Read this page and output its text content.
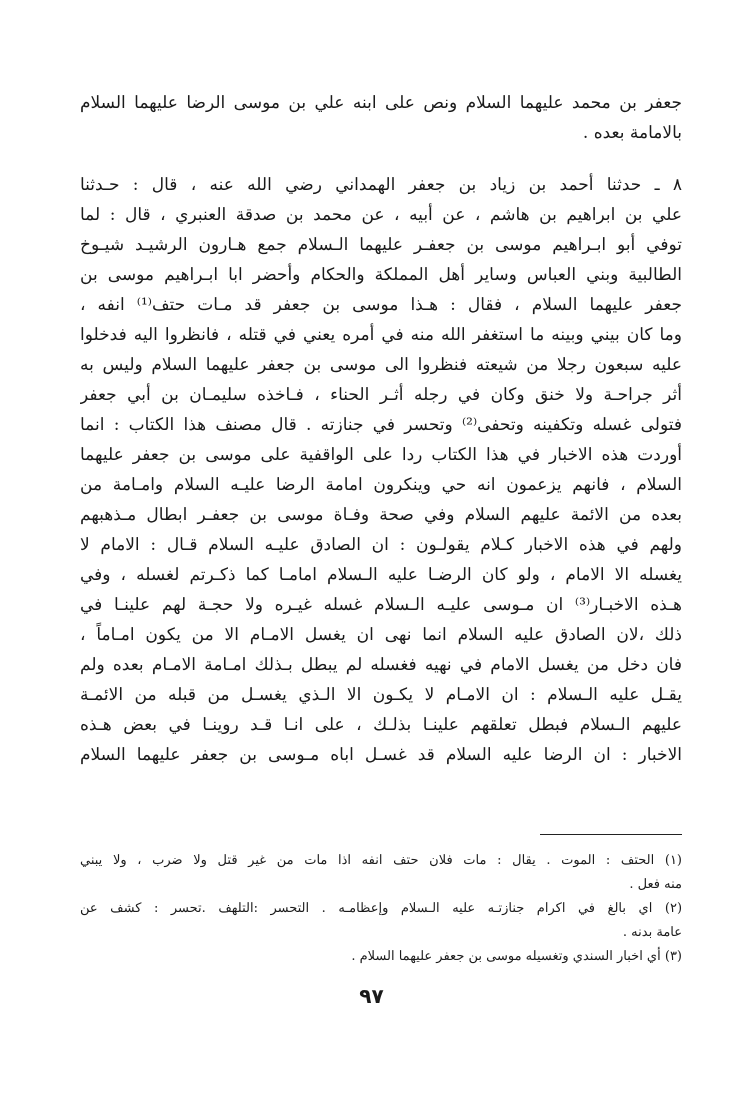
جعفر بن محمد عليهما السلام ونص على ابنه علي بن موسى الرضا عليهما السلام
بالامامة بعده .
٨ ـ حدثنا أحمد بن زياد بن جعفر الهمداني رضي الله عنه ، قال : حـدثنا
علي بن ابراهيم بن هاشم ، عن أبيه ، عن محمد بن صدقة العنبري ، قال : لما
توفي أبو ابـراهيم موسى بن جعفـر عليهما الـسلام جمع هـارون الرشيـد شيـوخ
الطالبية وبني العباس وساير أهل المملكة والحكام وأحضر ابا ابـراهيم موسى بن
جعفر عليهما السلام ، فقال : هـذا موسى بن جعفر قد مـات حتف⁽¹⁾ انفه ،
وما كان بيني وبينه ما استغفر الله منه في أمره يعني في قتله ، فانظروا اليه فدخلوا
عليه سبعون رجلا من شيعته فنظروا الى موسى بن جعفر عليهما السلام وليس به
أثر جراحـة ولا خنق وكان في رجله أثـر الحناء ، فـاخذه سليمـان بن أبي جعفر
فتولى غسله وتكفينه وتحفى⁽²⁾ وتحسر في جنازته . قال مصنف هذا الكتاب : انما
أوردت هذه الاخبار في هذا الكتاب ردا على الواقفية على موسى بن جعفر عليهما
السلام ، فانهم يزعمون انه حي وينكرون امامة الرضا عليـه السلام وامـامة من
بعده من الائمة عليهم السلام وفي صحة وفـاة موسى بن جعفـر ابطال مـذهبهم
ولهم في هذه الاخبار كـلام يقولـون : ان الصادق عليـه السلام قـال : الامام لا
يغسله الا الامام ، ولو كان الرضـا عليه الـسلام امامـا كما ذكـرتم لغسله ، وفي
هـذه الاخبـار⁽³⁾ ان مـوسى عليـه الـسلام غسله غيـره ولا حجـة لهم علينـا في
ذلك ،لان الصادق عليه السلام انما نهى ان يغسل الامـام الا من يكون امـاماً ،
فان دخل من يغسل الامام في نهيه فغسله لم يبطل بـذلك امـامة الامـام بعده ولم
يقـل عليه الـسلام : ان الامـام لا يكـون الا الـذي يغسـل من قبله من الائمـة
عليهم الـسلام فبطل تعلقهم علينـا بذلـك ، على انـا قـد روينـا في بعض هـذه
الاخبار : ان الرضا عليه السلام قد غسـل اباه مـوسى بن جعفر عليهما السلام
(١) الحتف : الموت . يقال : مات فلان حتف انفه اذا مات من غير قتل ولا ضرب ، ولا يبني
منه فعل .
(٢) اي بالغ في اكرام جنازتـه عليه الـسلام وإعظامـه . التحسر :التلهف .تحسر : كشف عن
عامة بدنه .
(٣) أي اخبار السندي وتغسيله موسى بن جعفر عليهما السلام .
٩٧
